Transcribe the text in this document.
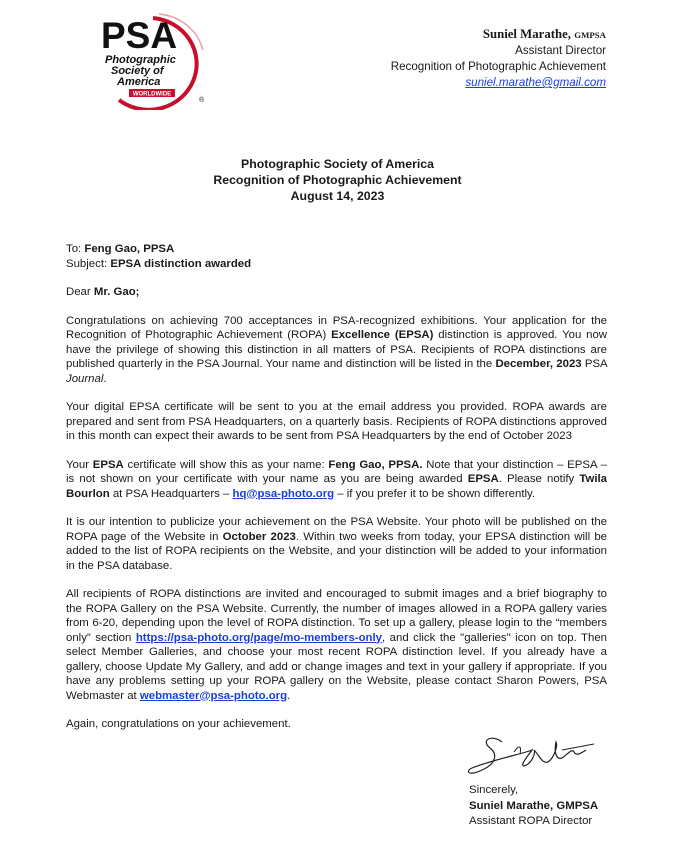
PSA
Photographic
Society of
America
WORLDWIDE
®
Suniel Marathe, GMPSA
Assistant Director
Recognition of Photographic Achievement
suniel.marathe@gmail.com
Photographic Society of America
Recognition of Photographic Achievement
August 14, 2023

To: Feng Gao, PPSA

Subject: EPSA distinction awarded

Dear Mr. Gao;

Congratulations on achieving 700 acceptances in PSA-recognized exhibitions. Your application for the Recognition of Photographic Achievement (ROPA) Excellence (EPSA) distinction is approved. You now have the privilege of showing this distinction in all matters of PSA. Recipients of ROPA distinctions are published quarterly in the PSA Journal. Your name and distinction will be listed in the December, 2023 PSA Journal.

Your digital EPSA certificate will be sent to you at the email address you provided. ROPA awards are prepared and sent from PSA Headquarters, on a quarterly basis. Recipients of ROPA distinctions approved in this month can expect their awards to be sent from PSA Headquarters by the end of October 2023

Your EPSA certificate will show this as your name: Feng Gao, PPSA. Note that your distinction – EPSA – is not shown on your certificate with your name as you are being awarded EPSA. Please notify Twila Bourlon at PSA Headquarters – hq@psa-photo.org – if you prefer it to be shown differently.

It is our intention to publicize your achievement on the PSA Website. Your photo will be published on the ROPA page of the Website in October 2023. Within two weeks from today, your EPSA distinction will be added to the list of ROPA recipients on the Website, and your distinction will be added to your information in the PSA database.

All recipients of ROPA distinctions are invited and encouraged to submit images and a brief biography to the ROPA Gallery on the PSA Website. Currently, the number of images allowed in a ROPA gallery varies from 6-20, depending upon the level of ROPA distinction. To set up a gallery, please login to the “members only” section https://psa-photo.org/page/mo-members-only, and click the "galleries" icon on top. Then select Member Galleries, and choose your most recent ROPA distinction level. If you already have a gallery, choose Update My Gallery, and add or change images and text in your gallery if appropriate. If you have any problems setting up your ROPA gallery on the Website, please contact Sharon Powers, PSA Webmaster at webmaster@psa-photo.org.

Again, congratulations on your achievement.

Sincerely,
Suniel Marathe, GMPSA
Assistant ROPA Director
